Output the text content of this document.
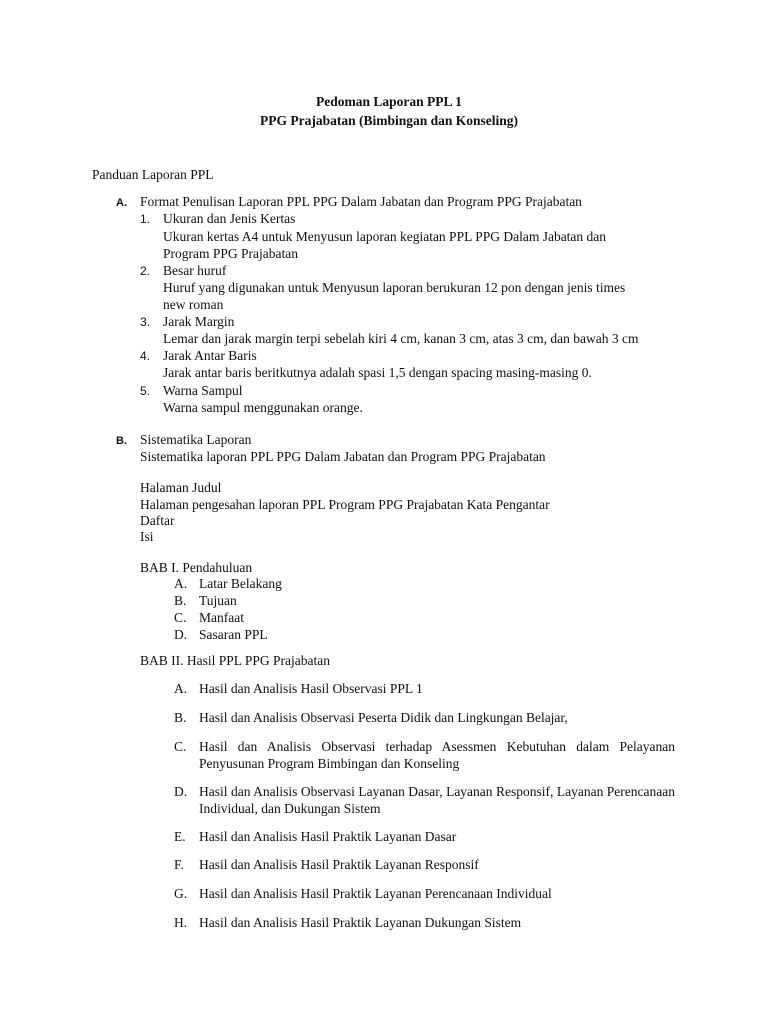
Pedoman Laporan PPL 1
PPG Prajabatan (Bimbingan dan Konseling)
Panduan Laporan PPL
A. Format Penulisan Laporan PPL PPG Dalam Jabatan dan Program PPG Prajabatan
1. Ukuran dan Jenis Kertas
Ukuran kertas A4 untuk Menyusun laporan kegiatan PPL PPG Dalam Jabatan dan
Program PPG Prajabatan
2. Besar huruf
Huruf yang digunakan untuk Menyusun laporan berukuran 12 pon dengan jenis times
new roman
3. Jarak Margin
Lemar dan jarak margin terpi sebelah kiri 4 cm, kanan 3 cm, atas 3 cm, dan bawah 3 cm
4. Jarak Antar Baris
Jarak antar baris beritkutnya adalah spasi 1,5 dengan spacing masing-masing 0.
5. Warna Sampul
Warna sampul menggunakan orange.
B. Sistematika Laporan
Sistematika laporan PPL PPG Dalam Jabatan dan Program PPG Prajabatan
Halaman Judul
Halaman pengesahan laporan PPL Program PPG Prajabatan Kata Pengantar
Daftar
Isi
BAB I. Pendahuluan
A. Latar Belakang
B. Tujuan
C. Manfaat
D. Sasaran PPL
BAB II. Hasil PPL PPG Prajabatan
A. Hasil dan Analisis Hasil Observasi PPL 1
B. Hasil dan Analisis Observasi Peserta Didik dan Lingkungan Belajar,
C. Hasil dan Analisis Observasi terhadap Asessmen Kebutuhan dalam Pelayanan Penyusunan Program Bimbingan dan Konseling
D. Hasil dan Analisis Observasi Layanan Dasar, Layanan Responsif, Layanan Perencanaan Individual, dan Dukungan Sistem
E. Hasil dan Analisis Hasil Praktik Layanan Dasar
F. Hasil dan Analisis Hasil Praktik Layanan Responsif
G. Hasil dan Analisis Hasil Praktik Layanan Perencanaan Individual
H. Hasil dan Analisis Hasil Praktik Layanan Dukungan Sistem
